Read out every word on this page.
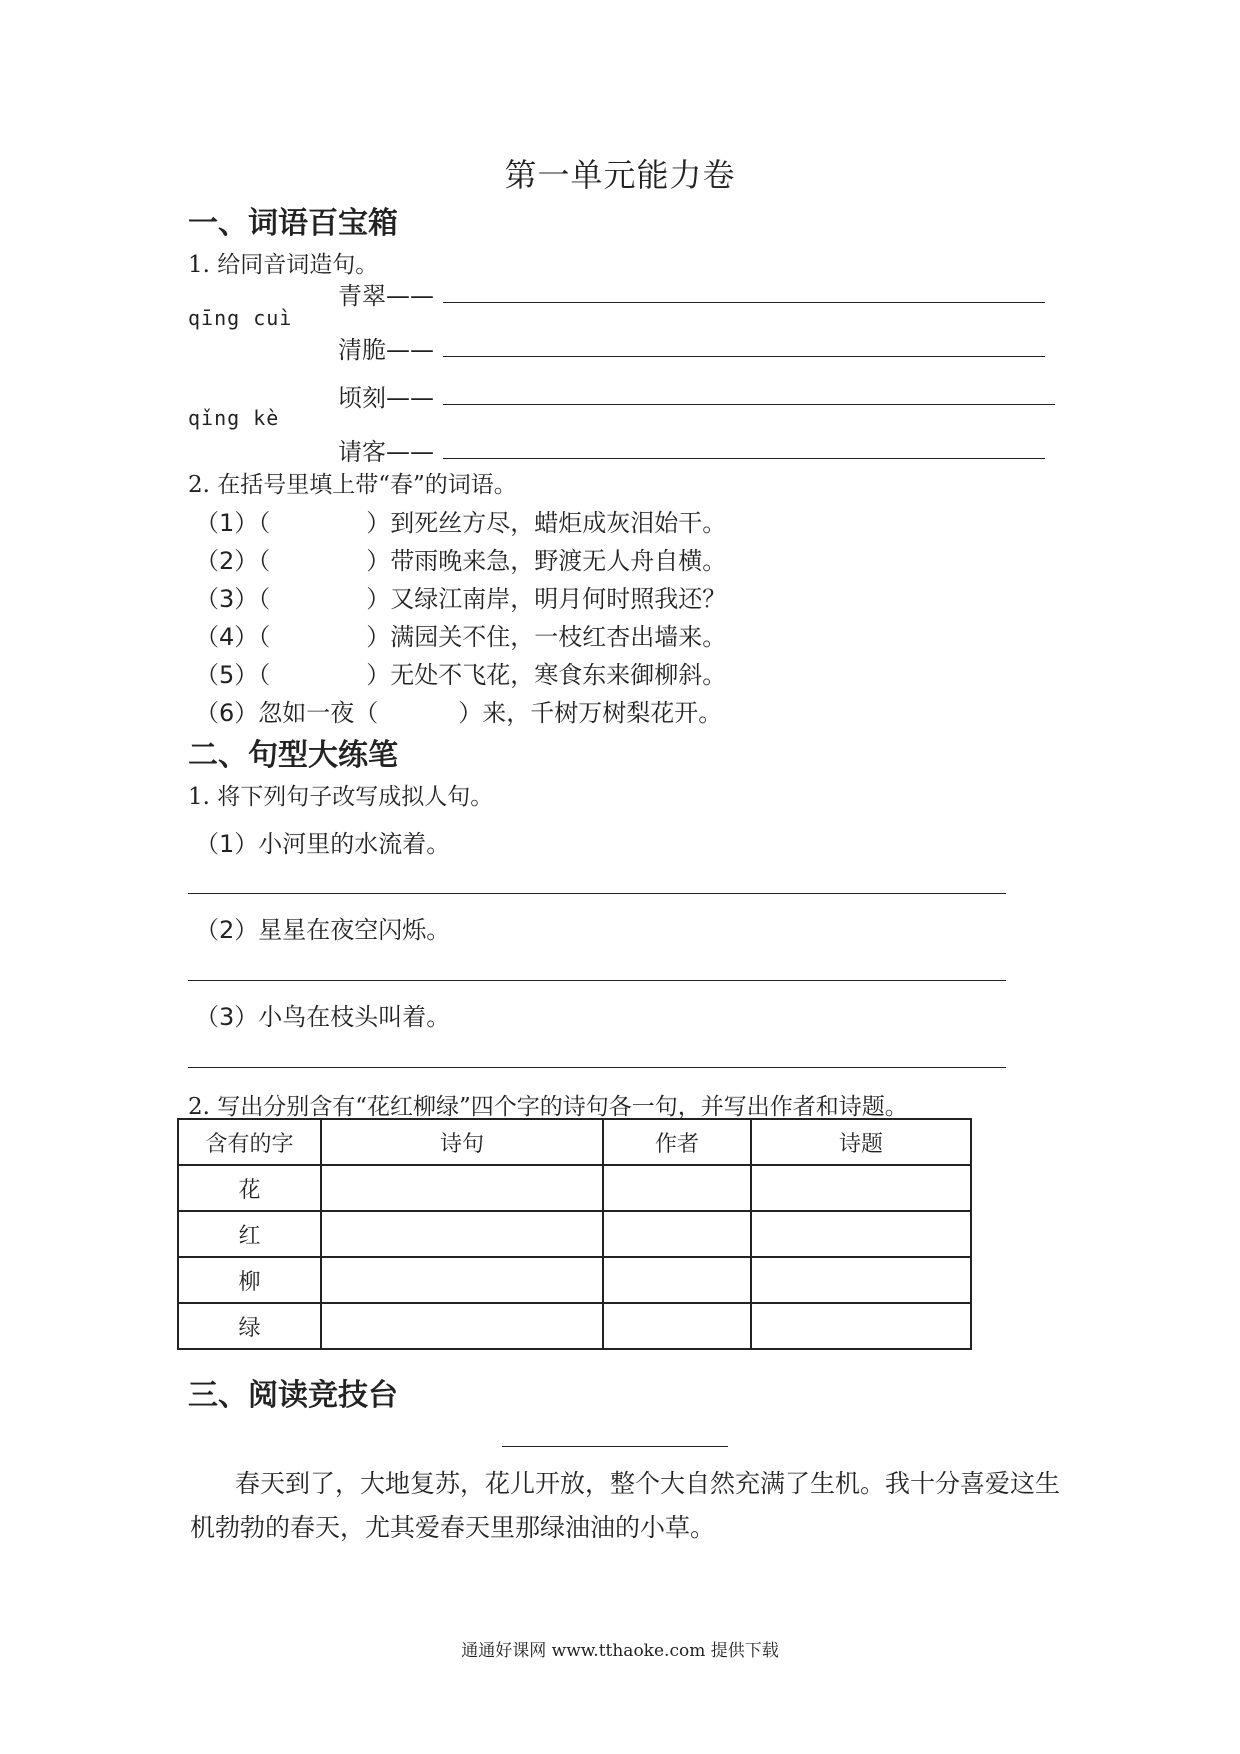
第一单元能力卷
一、词语百宝箱
1. 给同音词造句。
青翠——
qīng cuì
清脆——
顷刻——
qǐng kè
请客——
2. 在括号里填上带“春”的词语。
（1）（	）到死丝方尽，蜡炬成灰泪始干。
（2）（	）带雨晚来急，野渡无人舟自横。
（3）（	）又绿江南岸，明月何时照我还？
（4）（	）满园关不住，一枝红杏出墙来。
（5）（	）无处不飞花，寒食东来御柳斜。
（6）忽如一夜（	）来，千树万树梨花开。
二、句型大练笔
1. 将下列句子改写成拟人句。
（1）小河里的水流着。
（2）星星在夜空闪烁。
（3）小鸟在枝头叫着。
2. 写出分别含有“花红柳绿”四个字的诗句各一句，并写出作者和诗题。
含有的字	诗句	作者	诗题
花			
红			
柳			
绿			
三、阅读竞技台
春天到了，大地复苏，花儿开放，整个大自然充满了生机。我十分喜爱这生机勃勃的春天，尤其爱春天里那绿油油的小草。
通通好课网 www.tthaoke.com 提供下载
